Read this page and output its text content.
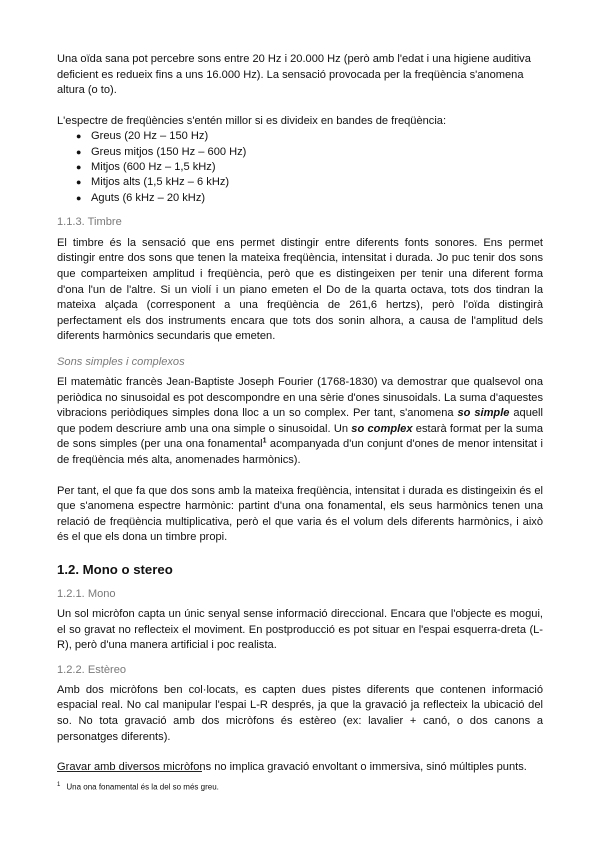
Una oïda sana pot percebre sons entre 20 Hz i 20.000 Hz (però amb l'edat i una higiene auditiva deficient es redueix fins a uns 16.000 Hz). La sensació provocada per la freqüència s'anomena altura (o to).

L'espectre de freqüències s'entén millor si es divideix en bandes de freqüència:

● Greus (20 Hz – 150 Hz)
● Greus mitjos (150 Hz – 600 Hz)
● Mitjos (600 Hz – 1,5 kHz)
● Mitjos alts (1,5 kHz – 6 kHz)
● Aguts (6 kHz – 20 kHz)
1.1.3. Timbre

El timbre és la sensació que ens permet distingir entre diferents fonts sonores. Ens permet distingir entre dos sons que tenen la mateixa freqüència, intensitat i durada. Jo puc tenir dos sons que comparteixen amplitud i freqüència, però que es distingeixen per tenir una diferent forma d'ona l'un de l'altre. Si un violí i un piano emeten el Do de la quarta octava, tots dos tindran la mateixa alçada (corresponent a una freqüència de 261,6 hertzs), però l'oïda distingirà perfectament els dos instruments encara que tots dos sonin alhora, a causa de l'amplitud dels diferents harmònics secundaris que emeten.

Sons simples i complexos

El matemàtic francès Jean-Baptiste Joseph Fourier (1768-1830) va demostrar que qualsevol ona periòdica no sinusoidal es pot descompondre en una sèrie d'ones sinusoidals. La suma d'aquestes vibracions periòdiques simples dona lloc a un so complex. Per tant, s'anomena so simple aquell que podem descriure amb una ona simple o sinusoidal. Un so complex estarà format per la suma de sons simples (per una ona fonamental$^1$ acompanyada d'un conjunt d'ones de menor intensitat i de freqüència més alta, anomenades harmònics).

Per tant, el que fa que dos sons amb la mateixa freqüència, intensitat i durada es distingeixin és el que s'anomena espectre harmònic: partint d'una ona fonamental, els seus harmònics tenen una relació de freqüència multiplicativa, però el que varia és el volum dels diferents harmònics, i això és el que els dona un timbre propi.

1.2. Mono o stereo
1.2.1. Mono

Un sol micròfon capta un únic senyal sense informació direccional. Encara que l'objecte es mogui, el so gravat no reflecteix el moviment. En postproducció es pot situar en l'espai esquerra-dreta (L-R), però d'una manera artificial i poc realista.

1.2.2. Estèreo

Amb dos micròfons ben col·locats, es capten dues pistes diferents que contenen informació espacial real. No cal manipular l'espai L-R després, ja que la gravació ja reflecteix la ubicació del so. No tota gravació amb dos micròfons és estèreo (ex: lavalier + canó, o dos canons a personatges diferents).

Gravar amb diversos micròfons no implica gravació envoltant o immersiva, sinó múltiples punts.

$^1$ Una ona fonamental és la del so més greu.
